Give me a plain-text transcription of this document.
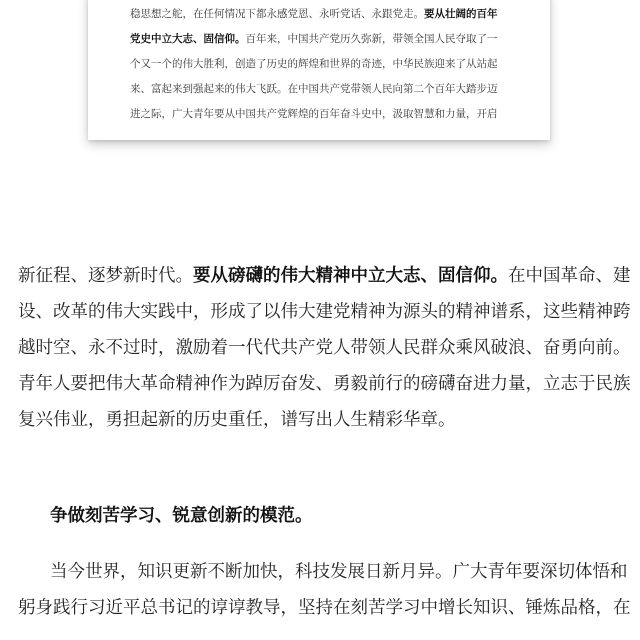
稳思想之舵，在任何情况下都永感党恩、永听党话、永跟党走。要从壮阔的百年
党史中立大志、固信仰。百年来，中国共产党历久弥新，带领全国人民夺取了一
个又一个的伟大胜利，创造了历史的辉煌和世界的奇迹，中华民族迎来了从站起
来、富起来到强起来的伟大飞跃。在中国共产党带领人民向第二个百年大踏步迈
进之际，广大青年要从中国共产党辉煌的百年奋斗史中，汲取智慧和力量，开启
新征程、逐梦新时代。要从磅礴的伟大精神中立大志、固信仰。在中国革命、建
设、改革的伟大实践中，形成了以伟大建党精神为源头的精神谱系，这些精神跨
越时空、永不过时，激励着一代代共产党人带领人民群众乘风破浪、奋勇向前。
青年人要把伟大革命精神作为踔厉奋发、勇毅前行的磅礴奋进力量，立志于民族
复兴伟业，勇担起新的历史重任，谱写出人生精彩华章。
争做刻苦学习、锐意创新的模范。
当今世界，知识更新不断加快，科技发展日新月异。广大青年要深切体悟和
躬身践行习近平总书记的谆谆教导，坚持在刻苦学习中增长知识、锤炼品格，在
